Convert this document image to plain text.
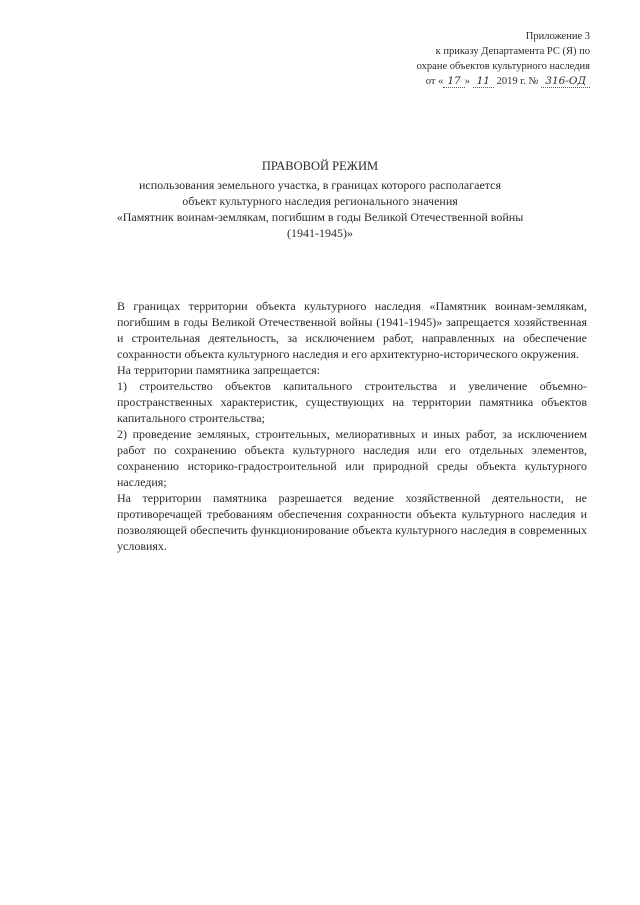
Приложение 3
к приказу Департамента РС (Я) по
охране объектов культурного наследия
от « 17 » 11 2019 г. № 316-ОД
ПРАВОВОЙ РЕЖИМ
использования земельного участка, в границах которого располагается
объект культурного наследия регионального значения
«Памятник воинам-землякам, погибшим в годы Великой Отечественной войны
(1941-1945)»

В границах территории объекта культурного наследия «Памятник воинам-землякам, погибшим в годы Великой Отечественной войны (1941-1945)» запрещается хозяйственная и строительная деятельность, за исключением работ, направленных на обеспечение сохранности объекта культурного наследия и его архитектурно-исторического окружения.

На территории памятника запрещается:

1) строительство объектов капитального строительства и увеличение объемно-пространственных характеристик, существующих на территории памятника объектов капитального строительства;

2) проведение земляных, строительных, мелиоративных и иных работ, за исключением работ по сохранению объекта культурного наследия или его отдельных элементов, сохранению историко-градостроительной или природной среды объекта культурного наследия;

На территории памятника разрешается ведение хозяйственной деятельности, не противоречащей требованиям обеспечения сохранности объекта культурного наследия и позволяющей обеспечить функционирование объекта культурного наследия в современных условиях.
